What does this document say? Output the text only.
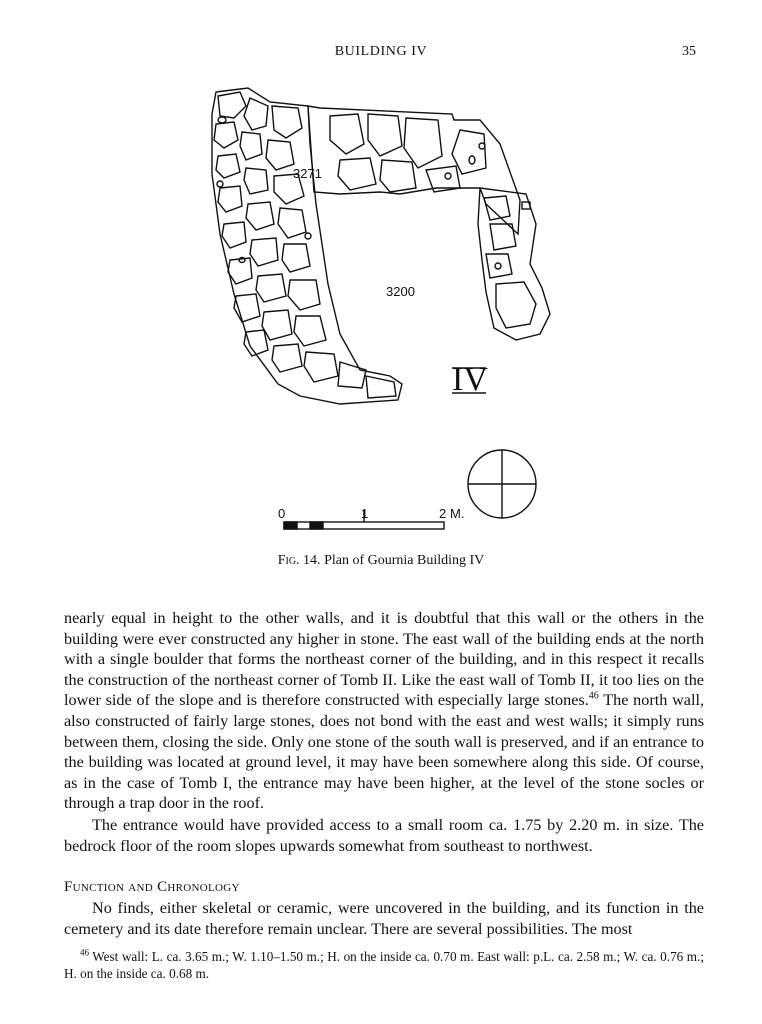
BUILDING IV	35
3271
3200
IV
0	1	2 M.
Fig. 14. Plan of Gournia Building IV
nearly equal in height to the other walls, and it is doubtful that this wall or the others in the building were ever constructed any higher in stone. The east wall of the building ends at the north with a single boulder that forms the northeast corner of the building, and in this respect it recalls the construction of the northeast corner of Tomb II. Like the east wall of Tomb II, it too lies on the lower side of the slope and is therefore constructed with especially large stones.$^{46}$ The north wall, also constructed of fairly large stones, does not bond with the east and west walls; it simply runs between them, closing the side. Only one stone of the south wall is preserved, and if an entrance to the building was located at ground level, it may have been somewhere along this side. Of course, as in the case of Tomb I, the entrance may have been higher, at the level of the stone socles or through a trap door in the roof.
The entrance would have provided access to a small room ca. 1.75 by 2.20 m. in size. The bedrock floor of the room slopes upwards somewhat from southeast to northwest.
Function and Chronology
No finds, either skeletal or ceramic, were uncovered in the building, and its function in the cemetery and its date therefore remain unclear. There are several possibilities. The most
$^{46}$ West wall: L. ca. 3.65 m.; W. 1.10–1.50 m.; H. on the inside ca. 0.70 m. East wall: p.L. ca. 2.58 m.; W. ca. 0.76 m.; H. on the inside ca. 0.68 m.
